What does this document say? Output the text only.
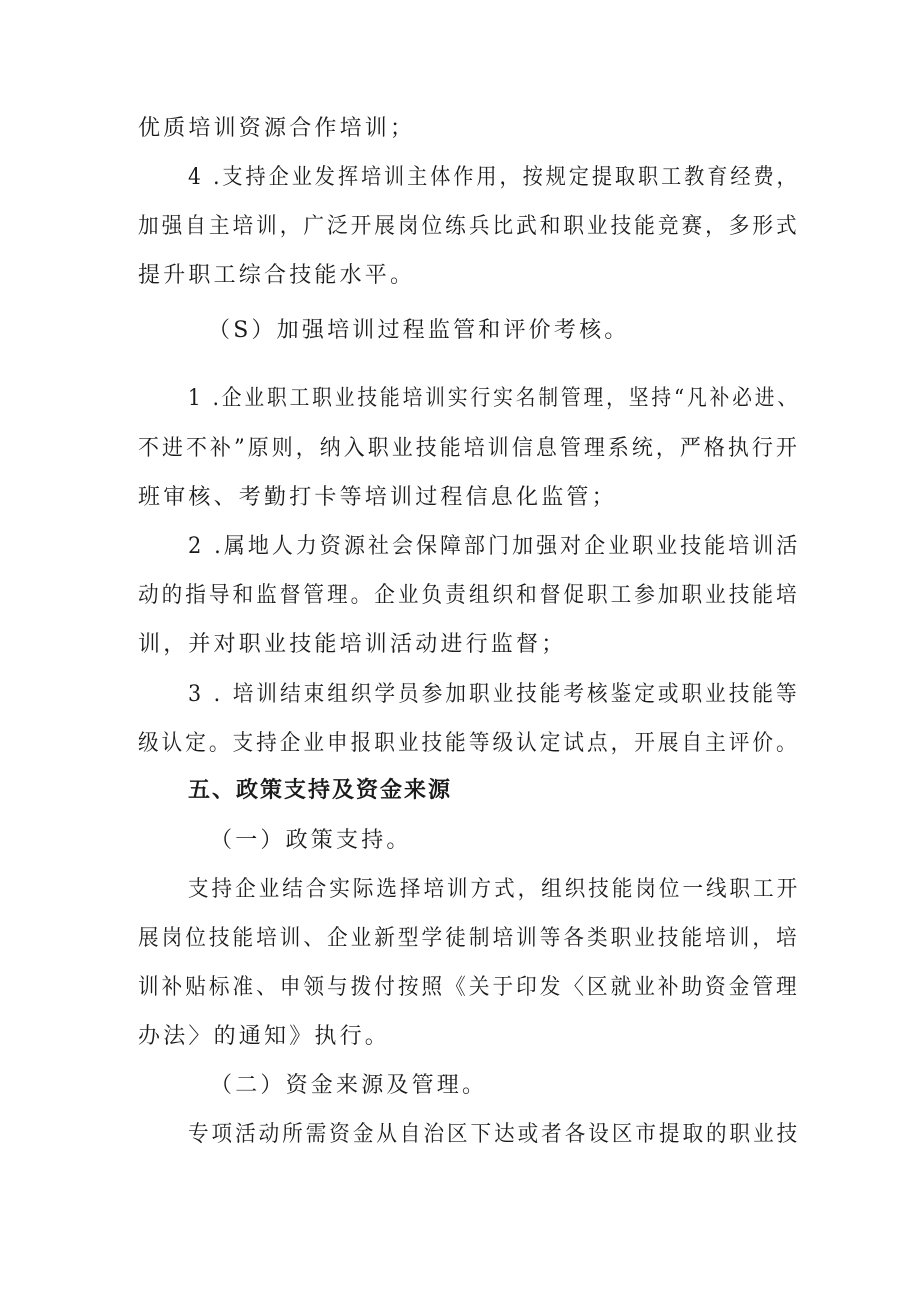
优质培训资源合作培训；
4 .支持企业发挥培训主体作用，按规定提取职工教育经费，
加强自主培训，广泛开展岗位练兵比武和职业技能竞赛，多形式
提升职工综合技能水平。
（S）加强培训过程监管和评价考核。
1 .企业职工职业技能培训实行实名制管理，坚持“凡补必进、
不进不补”原则，纳入职业技能培训信息管理系统，严格执行开
班审核、考勤打卡等培训过程信息化监管；
2 .属地人力资源社会保障部门加强对企业职业技能培训活
动的指导和监督管理。企业负责组织和督促职工参加职业技能培
训，并对职业技能培训活动进行监督；
3 . 培训结束组织学员参加职业技能考核鉴定或职业技能等
级认定。支持企业申报职业技能等级认定试点，开展自主评价。
五、政策支持及资金来源
（一）政策支持。
支持企业结合实际选择培训方式，组织技能岗位一线职工开
展岗位技能培训、企业新型学徒制培训等各类职业技能培训，培
训补贴标准、申领与拨付按照《关于印发〈区就业补助资金管理
办法〉的通知》执行。
（二）资金来源及管理。
专项活动所需资金从自治区下达或者各设区市提取的职业技
